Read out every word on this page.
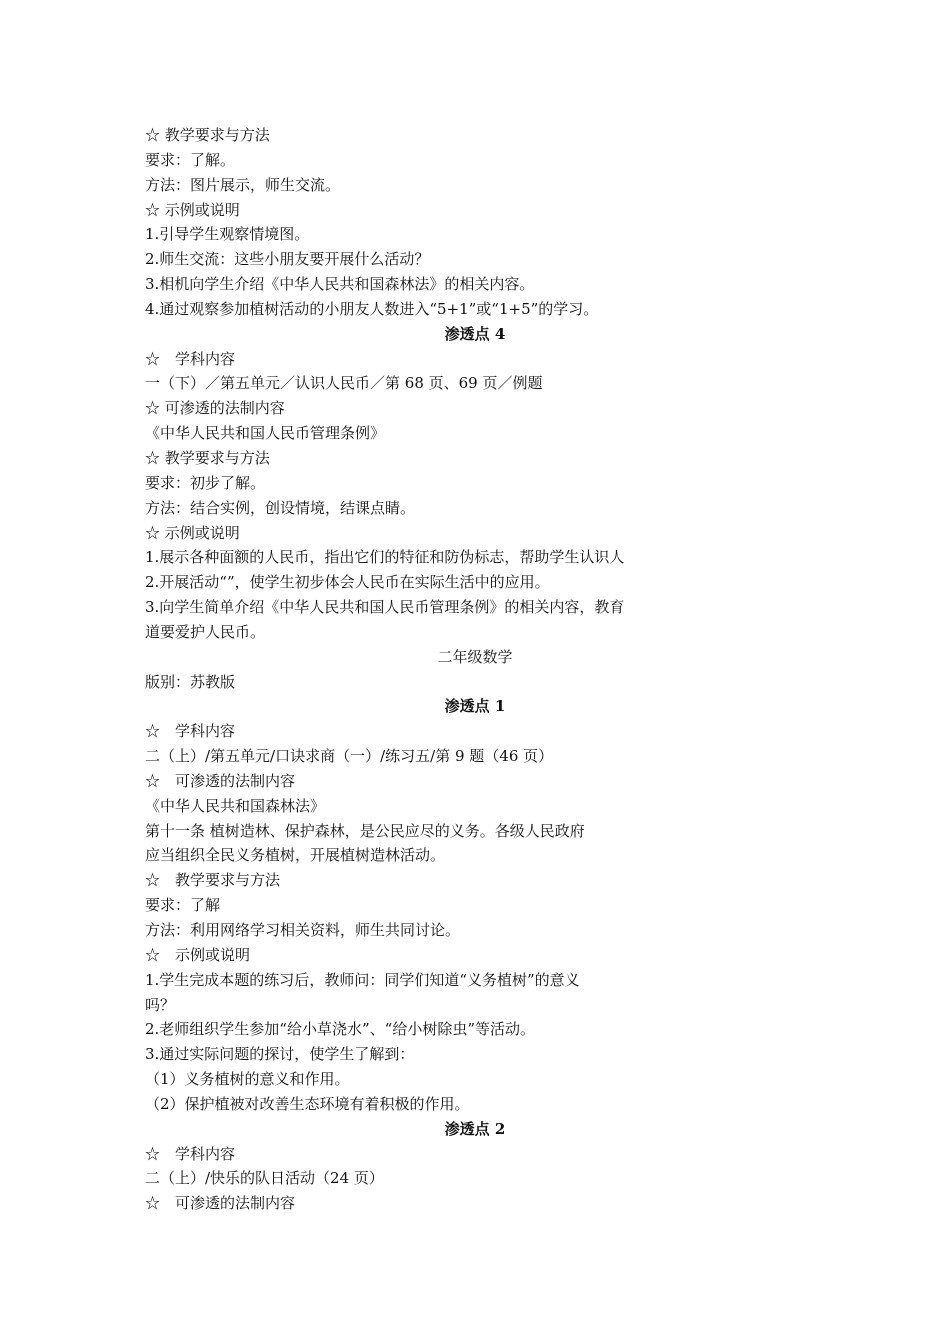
☆ 教学要求与方法
要求：了解。
方法：图片展示，师生交流。
☆ 示例或说明
1.引导学生观察情境图。
2.师生交流：这些小朋友要开展什么活动？
3.相机向学生介绍《中华人民共和国森林法》的相关内容。
4.通过观察参加植树活动的小朋友人数进入“5+1”或“1+5”的学习。
渗透点 4
☆　学科内容
一（下）／第五单元／认识人民币／第 68 页、69 页／例题
☆ 可渗透的法制内容
《中华人民共和国人民币管理条例》
☆ 教学要求与方法
要求：初步了解。
方法：结合实例，创设情境，结课点睛。
☆ 示例或说明
1.展示各种面额的人民币，指出它们的特征和防伪标志，帮助学生认识人
2.开展活动“”，使学生初步体会人民币在实际生活中的应用。
3.向学生简单介绍《中华人民共和国人民币管理条例》的相关内容，教育
道要爱护人民币。
二年级数学
版别：苏教版
渗透点 1
☆　学科内容
二（上）/第五单元/口诀求商（一）/练习五/第 9 题（46 页）
☆　可渗透的法制内容
《中华人民共和国森林法》
第十一条 植树造林、保护森林，是公民应尽的义务。各级人民政府
应当组织全民义务植树，开展植树造林活动。
☆　教学要求与方法
要求：了解
方法：利用网络学习相关资料，师生共同讨论。
☆　示例或说明
1.学生完成本题的练习后，教师问：同学们知道“义务植树”的意义
吗？
2.老师组织学生参加“给小草浇水”、“给小树除虫”等活动。
3.通过实际问题的探讨，使学生了解到：
（1）义务植树的意义和作用。
（2）保护植被对改善生态环境有着积极的作用。
渗透点 2
☆　学科内容
二（上）/快乐的队日活动（24 页）
☆　可渗透的法制内容
